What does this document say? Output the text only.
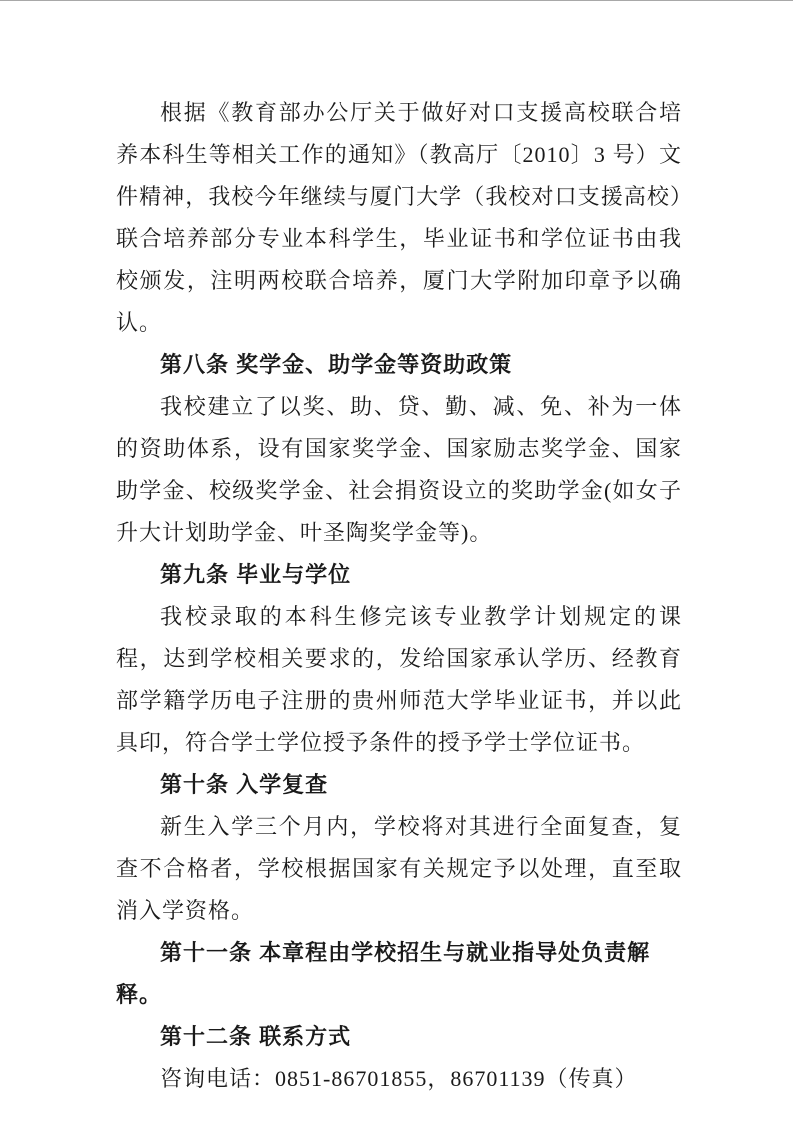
根据《教育部办公厅关于做好对口支援高校联合培养本科生等相关工作的通知》（教高厅〔2010〕3 号）文件精神，我校今年继续与厦门大学（我校对口支援高校）联合培养部分专业本科学生，毕业证书和学位证书由我校颁发，注明两校联合培养，厦门大学附加印章予以确认。

第八条 奖学金、助学金等资助政策

我校建立了以奖、助、贷、勤、减、免、补为一体的资助体系，设有国家奖学金、国家励志奖学金、国家助学金、校级奖学金、社会捐资设立的奖助学金(如女子升大计划助学金、叶圣陶奖学金等)。

第九条 毕业与学位

我校录取的本科生修完该专业教学计划规定的课程，达到学校相关要求的，发给国家承认学历、经教育部学籍学历电子注册的贵州师范大学毕业证书，并以此具印，符合学士学位授予条件的授予学士学位证书。

第十条 入学复查

新生入学三个月内，学校将对其进行全面复查，复查不合格者，学校根据国家有关规定予以处理，直至取消入学资格。

第十一条 本章程由学校招生与就业指导处负责解释。

第十二条 联系方式

咨询电话：0851-86701855，86701139（传真）
